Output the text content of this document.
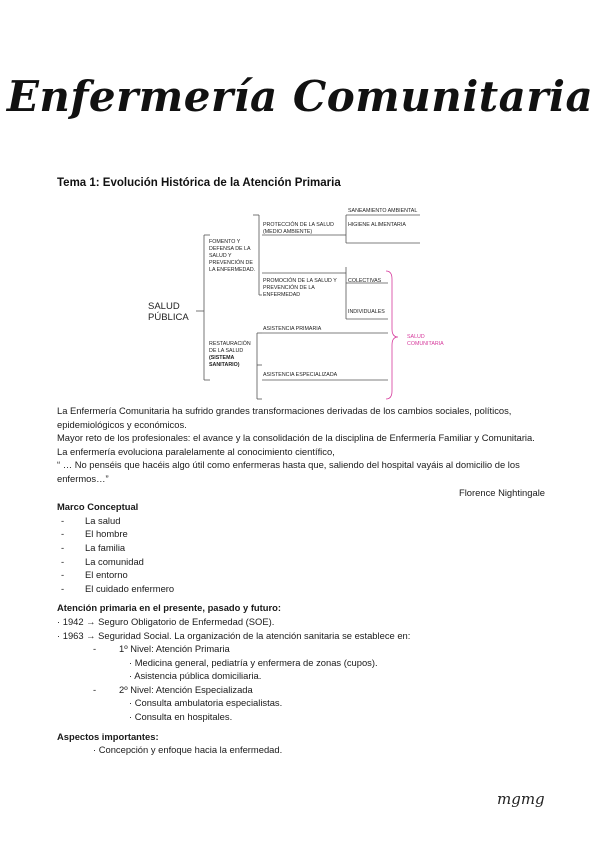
Enfermería Comunitaria
Tema 1: Evolución Histórica de la Atención Primaria
SALUD
PÚBLICA
FOMENTO Y
DEFENSA DE LA
SALUD Y
PREVENCIÓN DE
LA ENFERMEDAD.
RESTAURACIÓN
DE LA SALUD
(SISTEMA
SANITARIO)
PROTECCIÓN DE LA SALUD
(MEDIO AMBIENTE)
PROMOCIÓN DE LA SALUD Y
PREVENCIÓN DE LA
ENFERMEDAD
ASISTENCIA PRIMARIA
ASISTENCIA ESPECIALIZADA
SANEAMIENTO AMBIENTAL
HIGIENE ALIMENTARIA
COLECTIVAS
INDIVIDUALES
SALUD
COMUNITARIA

La Enfermería Comunitaria ha sufrido grandes transformaciones derivadas de los cambios sociales, políticos, epidemiológicos y económicos.

Mayor reto de los profesionales: el avance y la consolidación de la disciplina de Enfermería Familiar y Comunitaria.

La enfermería evoluciona paralelamente al conocimiento científico,

“ … No penséis que hacéis algo útil como enfermeras hasta que, saliendo del hospital vayáis al domicilio de los enfermos…”

Florence Nightingale

Marco Conceptual

- La salud
- El hombre
- La familia
- La comunidad
- El entorno
- El cuidado enfermero

Atención primaria en el presente, pasado y futuro:

· 1942 → Seguro Obligatorio de Enfermedad (SOE).

· 1963 → Seguridad Social. La organización de la atención sanitaria se establece en:

- 1º Nivel: Atención Primaria

· Medicina general, pediatría y enfermera de zonas (cupos).

· Asistencia pública domiciliaria.

- 2º Nivel: Atención Especializada

· Consulta ambulatoria especialistas.

· Consulta en hospitales.

Aspectos importantes:

· Concepción y enfoque hacia la enfermedad.

mgmg
